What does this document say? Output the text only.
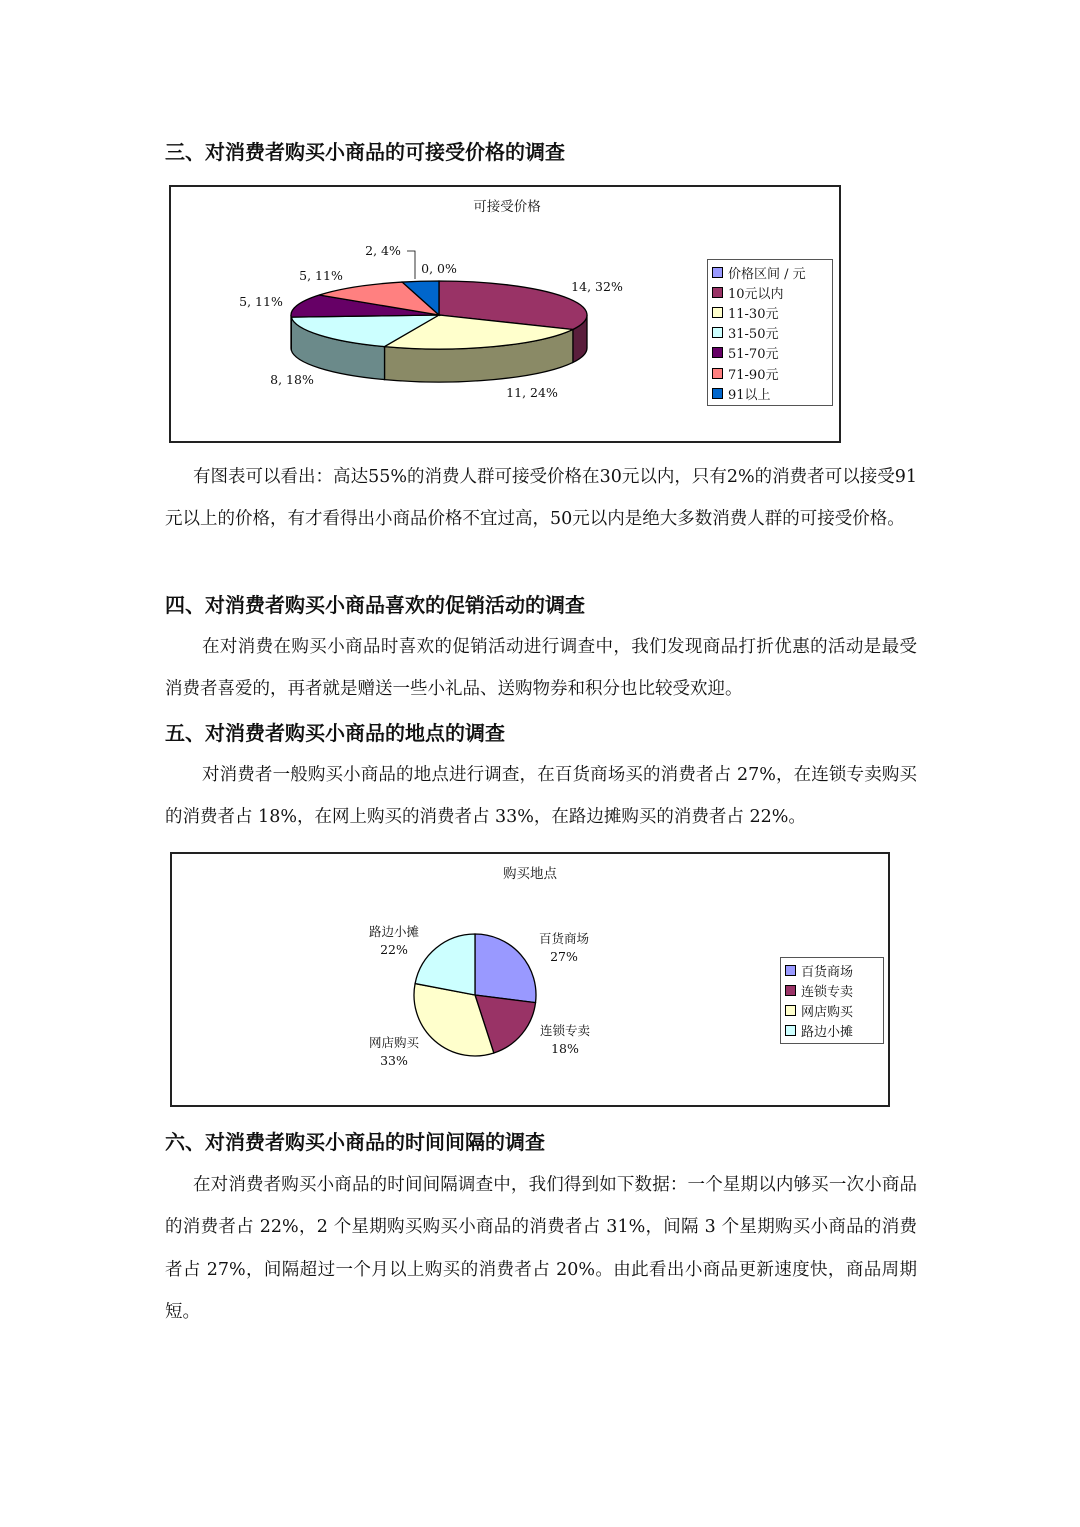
三、对消费者购买小商品的可接受价格的调查
可接受价格
2, 4%
0, 0%
5, 11%
5, 11%
14, 32%
8, 18%
11, 24%
价格区间 / 元
10元以内
11-30元
31-50元
51-70元
71-90元
91以上
有图表可以看出：高达55%的消费人群可接受价格在30元以内，只有2%的消费者可以接受91元以上的价格，有才看得出小商品价格不宜过高，50元以内是绝大多数消费人群的可接受价格。
四、对消费者购买小商品喜欢的促销活动的调查
在对消费在购买小商品时喜欢的促销活动进行调查中，我们发现商品打折优惠的活动是最受消费者喜爱的，再者就是赠送一些小礼品、送购物券和积分也比较受欢迎。
五、对消费者购买小商品的地点的调查
对消费者一般购买小商品的地点进行调查，在百货商场买的消费者占 27%，在连锁专卖购买的消费者占 18%，在网上购买的消费者占 33%，在路边摊购买的消费者占 22%。
购买地点
路边小摊
22%
百货商场
27%
连锁专卖
18%
网店购买
33%
百货商场
连锁专卖
网店购买
路边小摊
六、对消费者购买小商品的时间间隔的调查
在对消费者购买小商品的时间间隔调查中，我们得到如下数据：一个星期以内够买一次小商品的消费者占 22%，2 个星期购买购买小商品的消费者占 31%，间隔 3 个星期购买小商品的消费者占 27%，间隔超过一个月以上购买的消费者占 20%。由此看出小商品更新速度快，商品周期短。
